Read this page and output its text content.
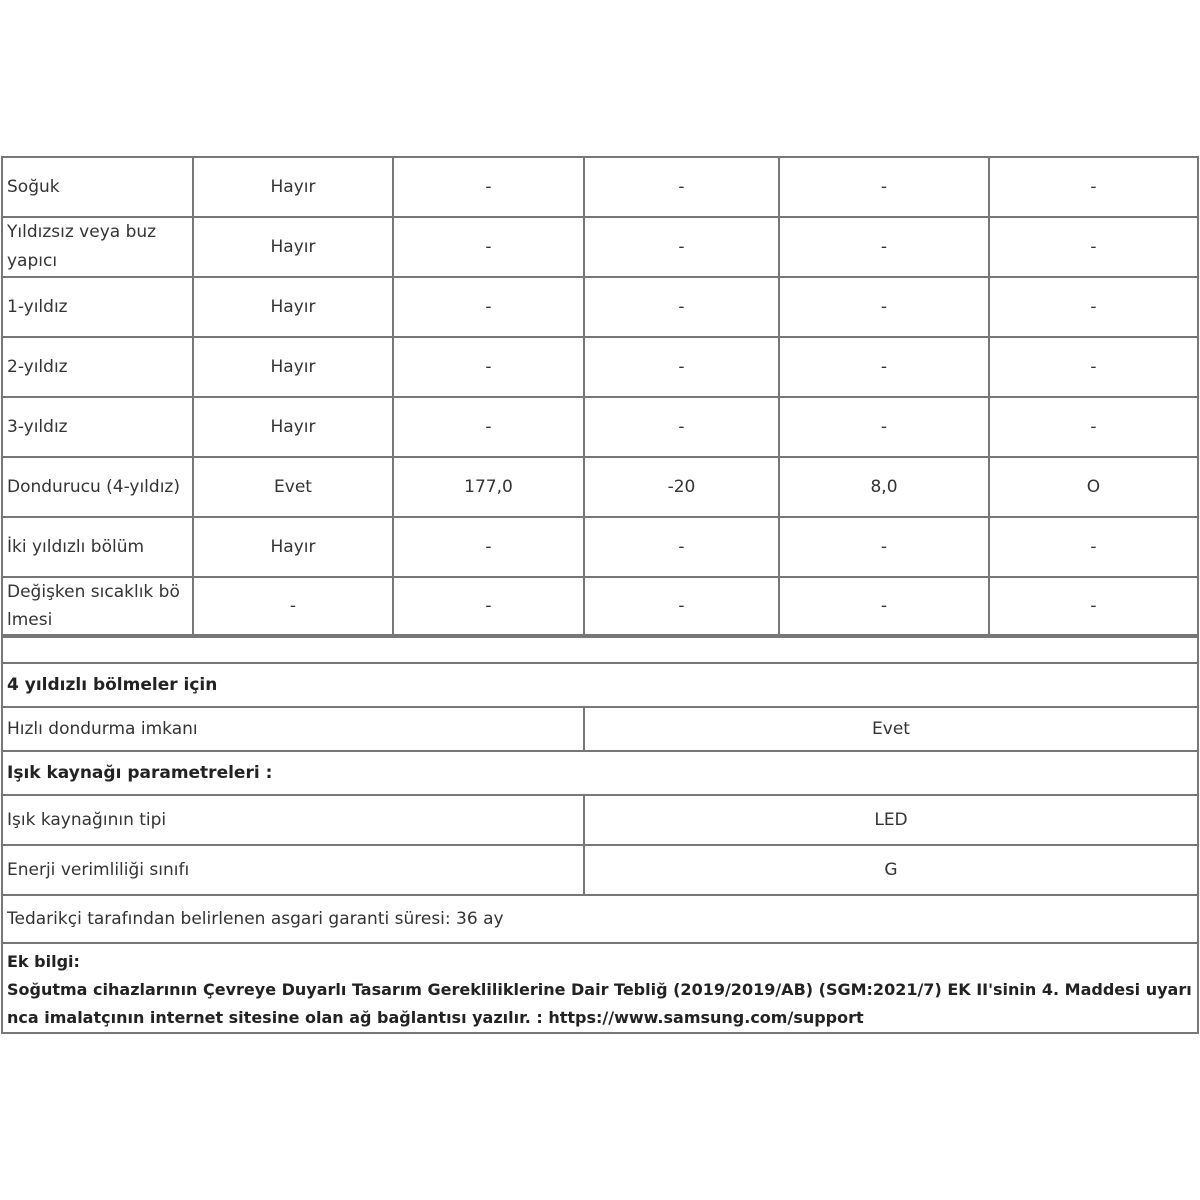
Soğuk	Hayır	-	-	-	-
Yıldızsız veya buz yapıcı	Hayır	-	-	-	-
1-yıldız	Hayır	-	-	-	-
2-yıldız	Hayır	-	-	-	-
3-yıldız	Hayır	-	-	-	-
Dondurucu (4-yıldız)	Evet	177,0	-20	8,0	O
İki yıldızlı bölüm	Hayır	-	-	-	-
Değişken sıcaklık bö lmesi	-	-	-	-	-

4 yıldızlı bölmeler için	
Hızlı dondurma imkanı	Evet
Işık kaynağı parametreleri :	
Işık kaynağının tipi	LED
Enerji verimliliği sınıfı	G
Tedarikçi tarafından belirlenen asgari garanti süresi: 36 ay	

Ek bilgi:
Soğutma cihazlarının Çevreye Duyarlı Tasarım Gerekliliklerine Dair Tebliğ (2019/2019/AB) (SGM:2021/7) EK II'sinin 4. Maddesi uyarı
nca imalatçının internet sitesine olan ağ bağlantısı yazılır. : https://www.samsung.com/support	
